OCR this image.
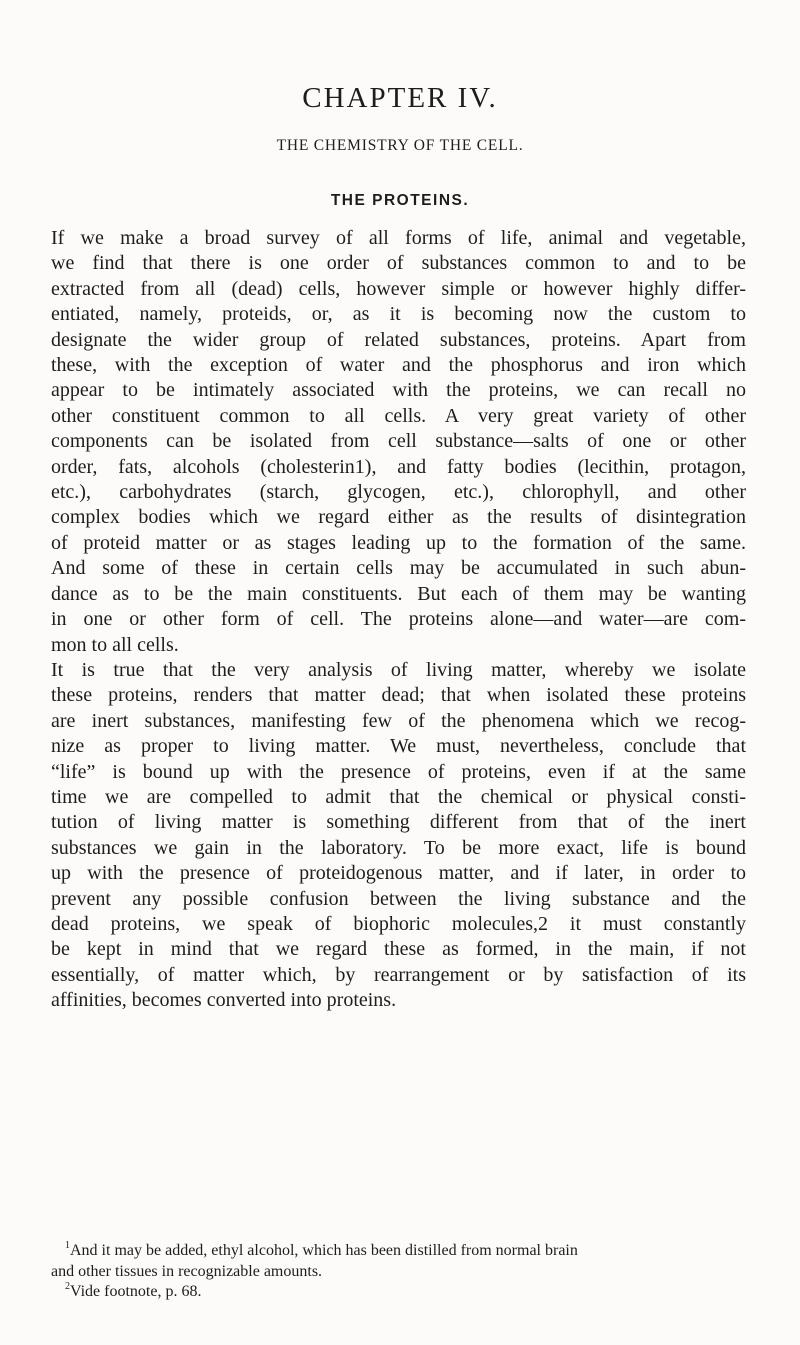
CHAPTER IV.
THE CHEMISTRY OF THE CELL.
THE PROTEINS.

If we make a broad survey of all forms of life, animal and vegetable,
we find that there is one order of substances common to and to be
extracted from all (dead) cells, however simple or however highly differ-
entiated, namely, proteids, or, as it is becoming now the custom to
designate the wider group of related substances, proteins. Apart from
these, with the exception of water and the phosphorus and iron which
appear to be intimately associated with the proteins, we can recall no
other constituent common to all cells. A very great variety of other
components can be isolated from cell substance—salts of one or other
order, fats, alcohols (cholesterin1), and fatty bodies (lecithin, protagon,
etc.), carbohydrates (starch, glycogen, etc.), chlorophyll, and other
complex bodies which we regard either as the results of disintegration
of proteid matter or as stages leading up to the formation of the same.
And some of these in certain cells may be accumulated in such abun-
dance as to be the main constituents. But each of them may be wanting
in one or other form of cell. The proteins alone—and water—are com-
mon to all cells.

It is true that the very analysis of living matter, whereby we isolate
these proteins, renders that matter dead; that when isolated these proteins
are inert substances, manifesting few of the phenomena which we recog-
nize as proper to living matter. We must, nevertheless, conclude that
“life” is bound up with the presence of proteins, even if at the same
time we are compelled to admit that the chemical or physical consti-
tution of living matter is something different from that of the inert
substances we gain in the laboratory. To be more exact, life is bound
up with the presence of proteidogenous matter, and if later, in order to
prevent any possible confusion between the living substance and the
dead proteins, we speak of biophoric molecules,2 it must constantly
be kept in mind that we regard these as formed, in the main, if not
essentially, of matter which, by rearrangement or by satisfaction of its
affinities, becomes converted into proteins.

$^1$And it may be added, ethyl alcohol, which has been distilled from normal brain
and other tissues in recognizable amounts.

$^2$Vide footnote, p. 68.
